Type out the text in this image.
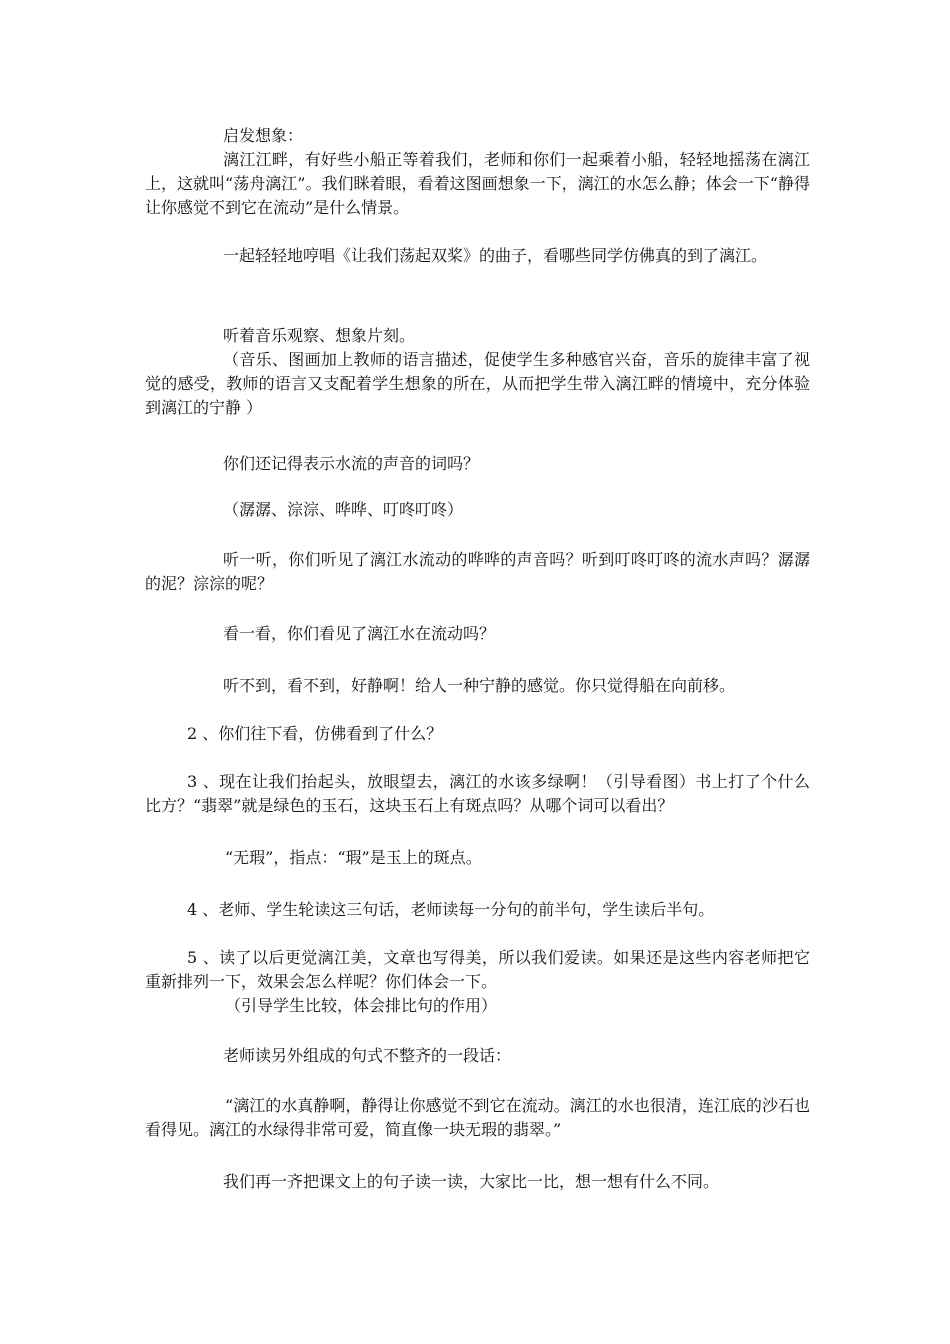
启发想象：

漓江江畔，有好些小船正等着我们，老师和你们一起乘着小船，轻轻地摇荡在漓江上，这就叫“荡舟漓江”。我们眯着眼，看着这图画想象一下，漓江的水怎么静；体会一下“静得让你感觉不到它在流动”是什么情景。

一起轻轻地哼唱《让我们荡起双桨》的曲子，看哪些同学仿佛真的到了漓江。

听着音乐观察、想象片刻。

（音乐、图画加上教师的语言描述，促使学生多种感官兴奋，音乐的旋律丰富了视觉的感受，教师的语言又支配着学生想象的所在，从而把学生带入漓江畔的情境中，充分体验到漓江的宁静 ）

你们还记得表示水流的声音的词吗？

（潺潺、淙淙、哗哗、叮咚叮咚）

听一听，你们听见了漓江水流动的哗哗的声音吗？听到叮咚叮咚的流水声吗？潺潺的泥？淙淙的呢？

看一看，你们看见了漓江水在流动吗？

听不到，看不到，好静啊！给人一种宁静的感觉。你只觉得船在向前移。

2 、你们往下看，仿佛看到了什么？

3 、现在让我们抬起头，放眼望去，漓江的水该多绿啊！（引导看图）书上打了个什么比方？“翡翠”就是绿色的玉石，这块玉石上有斑点吗？从哪个词可以看出？

“无瑕”，指点：“瑕”是玉上的斑点。

4 、老师、学生轮读这三句话，老师读每一分句的前半句，学生读后半句。

5 、读了以后更觉漓江美，文章也写得美，所以我们爱读。如果还是这些内容老师把它重新排列一下，效果会怎么样呢？你们体会一下。

（引导学生比较，体会排比句的作用）

老师读另外组成的句式不整齐的一段话：

“漓江的水真静啊，静得让你感觉不到它在流动。漓江的水也很清，连江底的沙石也看得见。漓江的水绿得非常可爱，简直像一块无瑕的翡翠。”

我们再一齐把课文上的句子读一读，大家比一比，想一想有什么不同。
